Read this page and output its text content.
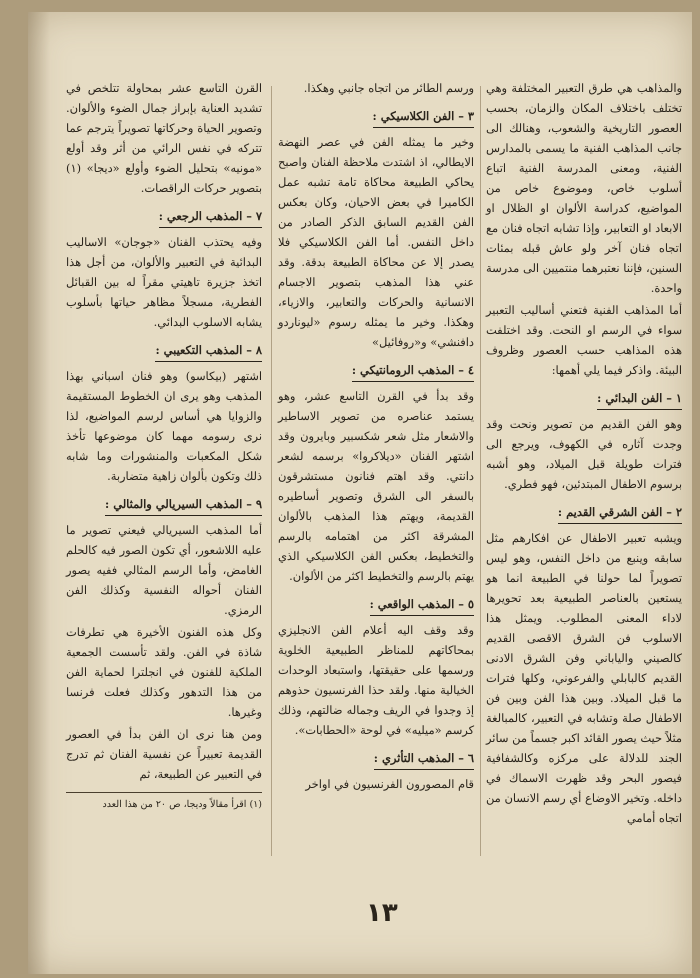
والمذاهب هي طرق التعبير المختلفة وهي تختلف باختلاف المكان والزمان، بحسب العصور التاريخية والشعوب، وهنالك الى جانب المذاهب الفنية ما يسمى بالمدارس الفنية، ومعنى المدرسة الفنية اتباع أسلوب خاص، وموضوع خاص من المواضيع، كدراسة الألوان او الظلال او الابعاد او التعابير، وإذا تشابه اتجاه فنان مع اتجاه فنان آخر ولو عاش قبله بمئات السنين، فإننا نعتبرهما منتميين الى مدرسة واحدة.

أما المذاهب الفنية فتعني أساليب التعبير سواء في الرسم او النحت. وقد اختلفت هذه المذاهب حسب العصور وظروف البيئة. واذكر فيما يلي أهمها:

١ – الفن البدائي :

وهو الفن القديم من تصوير ونحت وقد وجدت آثاره في الكهوف، ويرجع الى فترات طويلة قبل الميلاد، وهو أشبه برسوم الاطفال المبتدئين، فهو فطري.

٢ – الفن الشرقي القديم :

ويشبه تعبير الاطفال عن افكارهم مثل سابقه وينبع من داخل النفس، وهو ليس تصويراً لما حولنا في الطبيعة انما هو يستعين بالعناصر الطبيعية بعد تحويرها لاداء المعنى المطلوب. ويمثل هذا الاسلوب فن الشرق الاقصى القديم كالصيني والياباني وفن الشرق الادنى القديم كالبابلي والفرعوني، وكلها فترات ما قبل الميلاد. وبين هذا الفن وبين فن الاطفال صلة وتشابه في التعبير، كالمبالغة مثلاً حيث يصور القائد اكبر جسماً من سائر الجند للدلالة على مركزه وكالشفافية فيصور البحر وقد ظهرت الاسماك في داخله. وتخير الاوضاع أي رسم الانسان من اتجاه أمامي

ورسم الطائر من اتجاه جانبي وهكذا.

٣ – الفن الكلاسيكي :

وخير ما يمثله الفن في عصر النهضة الايطالي، اذ اشتدت ملاحظة الفنان واصبح يحاكي الطبيعة محاكاة تامة تشبه عمل الكاميرا في بعض الاحيان، وكان بعكس الفن القديم السابق الذكر الصادر من داخل النفس. أما الفن الكلاسيكي فلا يصدر إلا عن محاكاة الطبيعة بدقة. وقد عني هذا المذهب بتصوير الاجسام الانسانية والحركات والتعابير، والازياء، وهكذا. وخير ما يمثله رسوم «ليوناردو دافنشي» و«روفائيل»

٤ – المذهب الرومانتيكي :

وقد بدأ في القرن التاسع عشر، وهو يستمد عناصره من تصوير الاساطير والاشعار مثل شعر شكسبير وبايرون وقد اشتهر الفنان «ديلاكروا» برسمه لشعر دانتي. وقد اهتم فنانون مستشرقون بالسفر الى الشرق وتصوير أساطيره القديمة، ويهتم هذا المذهب بالألوان المشرقة اكثر من اهتمامه بالرسم والتخطيط، بعكس الفن الكلاسيكي الذي يهتم بالرسم والتخطيط اكثر من الألوان.

٥ – المذهب الواقعي :

وقد وقف اليه أعلام الفن الانجليزي بمحاكاتهم للمناظر الطبيعية الخلوية ورسمها على حقيقتها، واستبعاد الوحدات الخيالية منها. ولقد حذا الفرنسيون حذوهم إذ وجدوا في الريف وجماله ضالتهم، وذلك كرسم «ميليه» في لوحة «الحطابات».

٦ – المذهب التأثري :

قام المصورون الفرنسيون في اواخر

القرن التاسع عشر بمحاولة تتلخص في تشديد العناية بإبراز جمال الضوء والألوان. وتصوير الحياة وحركاتها تصويراً يترجم عما تتركه في نفس الرائي من أثر وقد أولع «مونيه» بتحليل الضوء وأولع «ديجا» (١) بتصوير حركات الراقصات.

٧ – المذهب الرجعي :

وفيه يحتذب الفنان «جوجان» الاساليب البدائية في التعبير والألوان، من أجل هذا اتخذ جزيرة تاهيتي مقراً له بين القبائل الفطرية، مسجلاً مظاهر حياتها بأسلوب يشابه الاسلوب البدائي.

٨ – المذهب التكعيبي :

اشتهر (بيكاسو) وهو فنان اسباني بهذا المذهب وهو يرى ان الخطوط المستقيمة والزوايا هي أساس لرسم المواضيع، لذا نرى رسومه مهما كان موضوعها تأخذ شكل المكعبات والمنشورات وما شابه ذلك وتكون بألوان زاهية متضاربة.

٩ – المذهب السيريالي والمثالي :

أما المذهب السيريالي فيعني تصوير ما عليه اللاشعور، أي تكون الصور فيه كالحلم الغامض، وأما الرسم المثالي ففيه يصور الفنان أحواله النفسية وكذلك الفن الرمزي.

وكل هذه الفنون الأخيرة هي تطرفات شاذة في الفن. ولقد تأسست الجمعية الملكية للفنون في انجلترا لحماية الفن من هذا التدهور وكذلك فعلت فرنسا وغيرها.

ومن هنا نرى ان الفن بدأ في العصور القديمة تعبيراً عن نفسية الفنان ثم تدرج في التعبير عن الطبيعة، ثم

(١) اقرأ مقالاً وديجا، ص ٢٠ من هذا العدد

١٣
